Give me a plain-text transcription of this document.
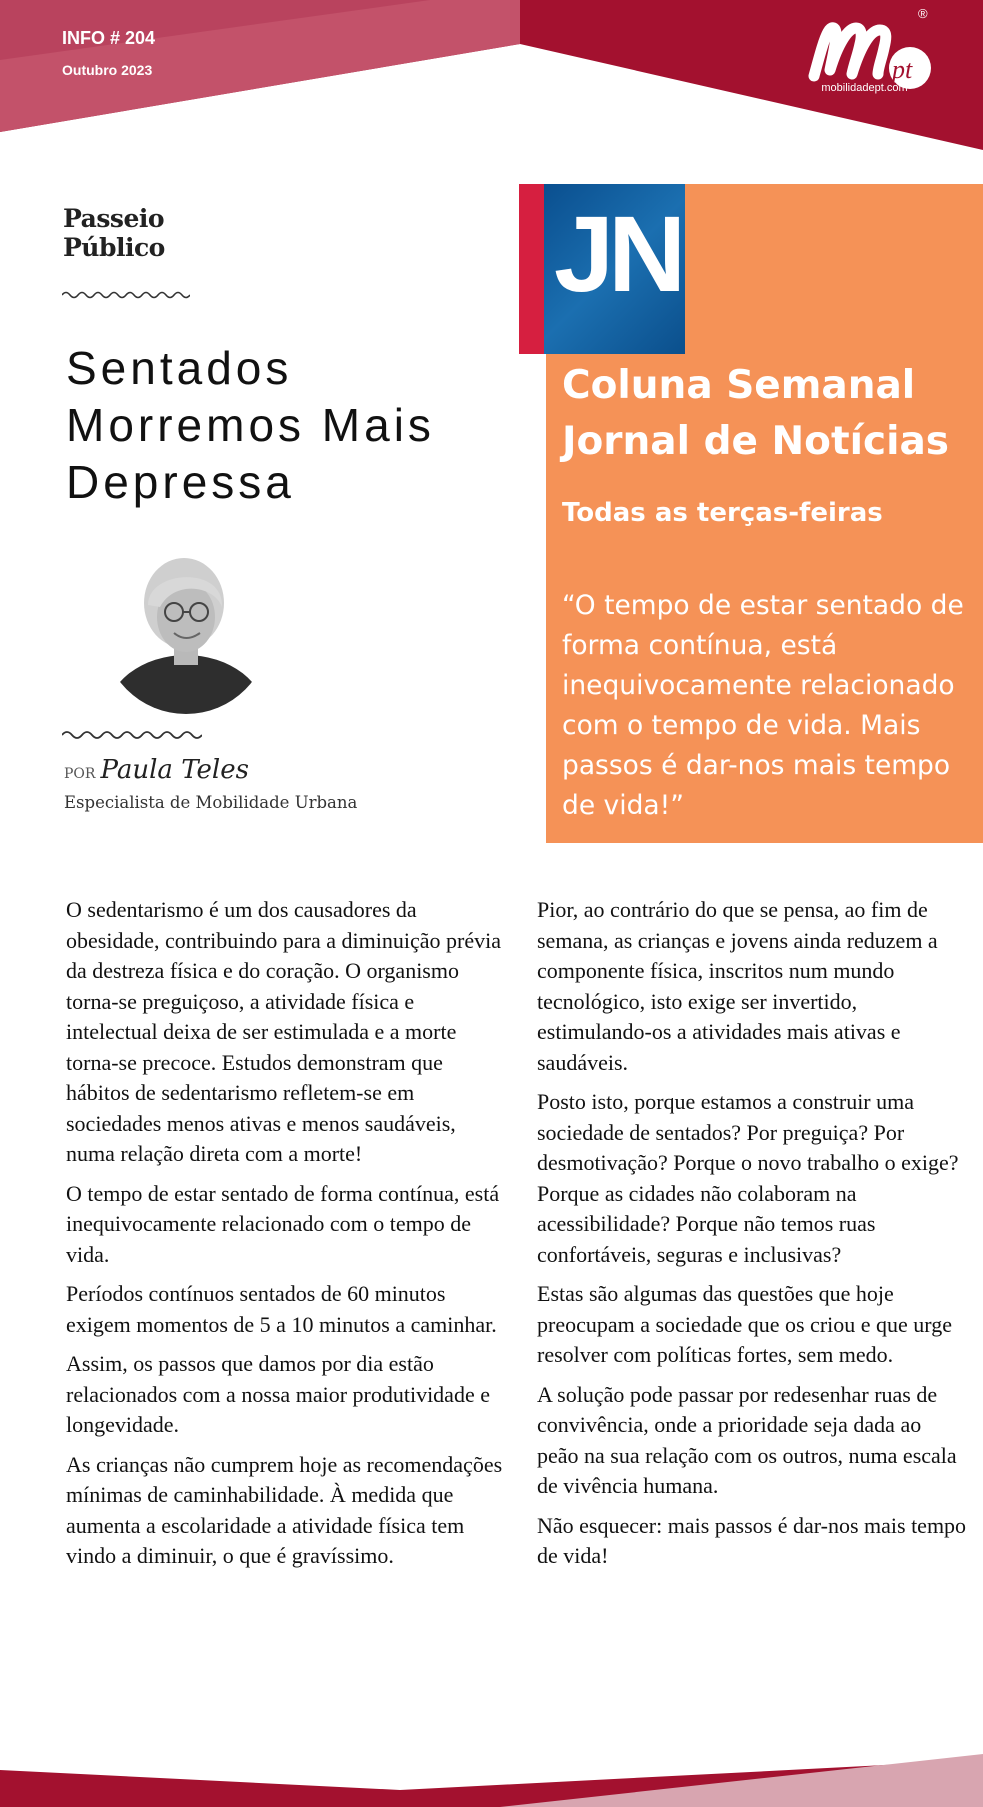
INFO # 204
Outubro 2023	pt
®
mobilidadept.com
Passeio
Público
Sentados
Morremos Mais
Depressa
POR Paula Teles
Especialista de Mobilidade Urbana
JN
Coluna Semanal
Jornal de Notícias
Todas as terças-feiras
“O tempo de estar sentado de forma contínua, está inequivocamente relacionado com o tempo de vida. Mais passos é dar-nos mais tempo de vida!”

O sedentarismo é um dos causadores da obesidade, contribuindo para a diminuição prévia da destreza física e do coração. O organismo torna-se preguiçoso, a atividade física e intelectual deixa de ser estimulada e a morte torna-se precoce. Estudos demonstram que hábitos de sedentarismo refletem-se em sociedades menos ativas e menos saudáveis, numa relação direta com a morte!

O tempo de estar sentado de forma contínua, está inequivocamente relacionado com o tempo de vida.

Períodos contínuos sentados de 60 minutos exigem momentos de 5 a 10 minutos a caminhar.

Assim, os passos que damos por dia estão relacionados com a nossa maior produtividade e longevidade.

As crianças não cumprem hoje as recomendações mínimas de caminhabilidade. À medida que aumenta a escolaridade a atividade física tem vindo a diminuir, o que é gravíssimo.

Pior, ao contrário do que se pensa, ao fim de semana, as crianças e jovens ainda reduzem a componente física, inscritos num mundo tecnológico, isto exige ser invertido, estimulando-os a atividades mais ativas e saudáveis.

Posto isto, porque estamos a construir uma sociedade de sentados? Por preguiça? Por desmotivação? Porque o novo trabalho o exige? Porque as cidades não colaboram na acessibilidade? Porque não temos ruas confortáveis, seguras e inclusivas?

Estas são algumas das questões que hoje preocupam a sociedade que os criou e que urge resolver com políticas fortes, sem medo.

A solução pode passar por redesenhar ruas de convivência, onde a prioridade seja dada ao peão na sua relação com os outros, numa escala de vivência humana.

Não esquecer: mais passos é dar-nos mais tempo de vida!
